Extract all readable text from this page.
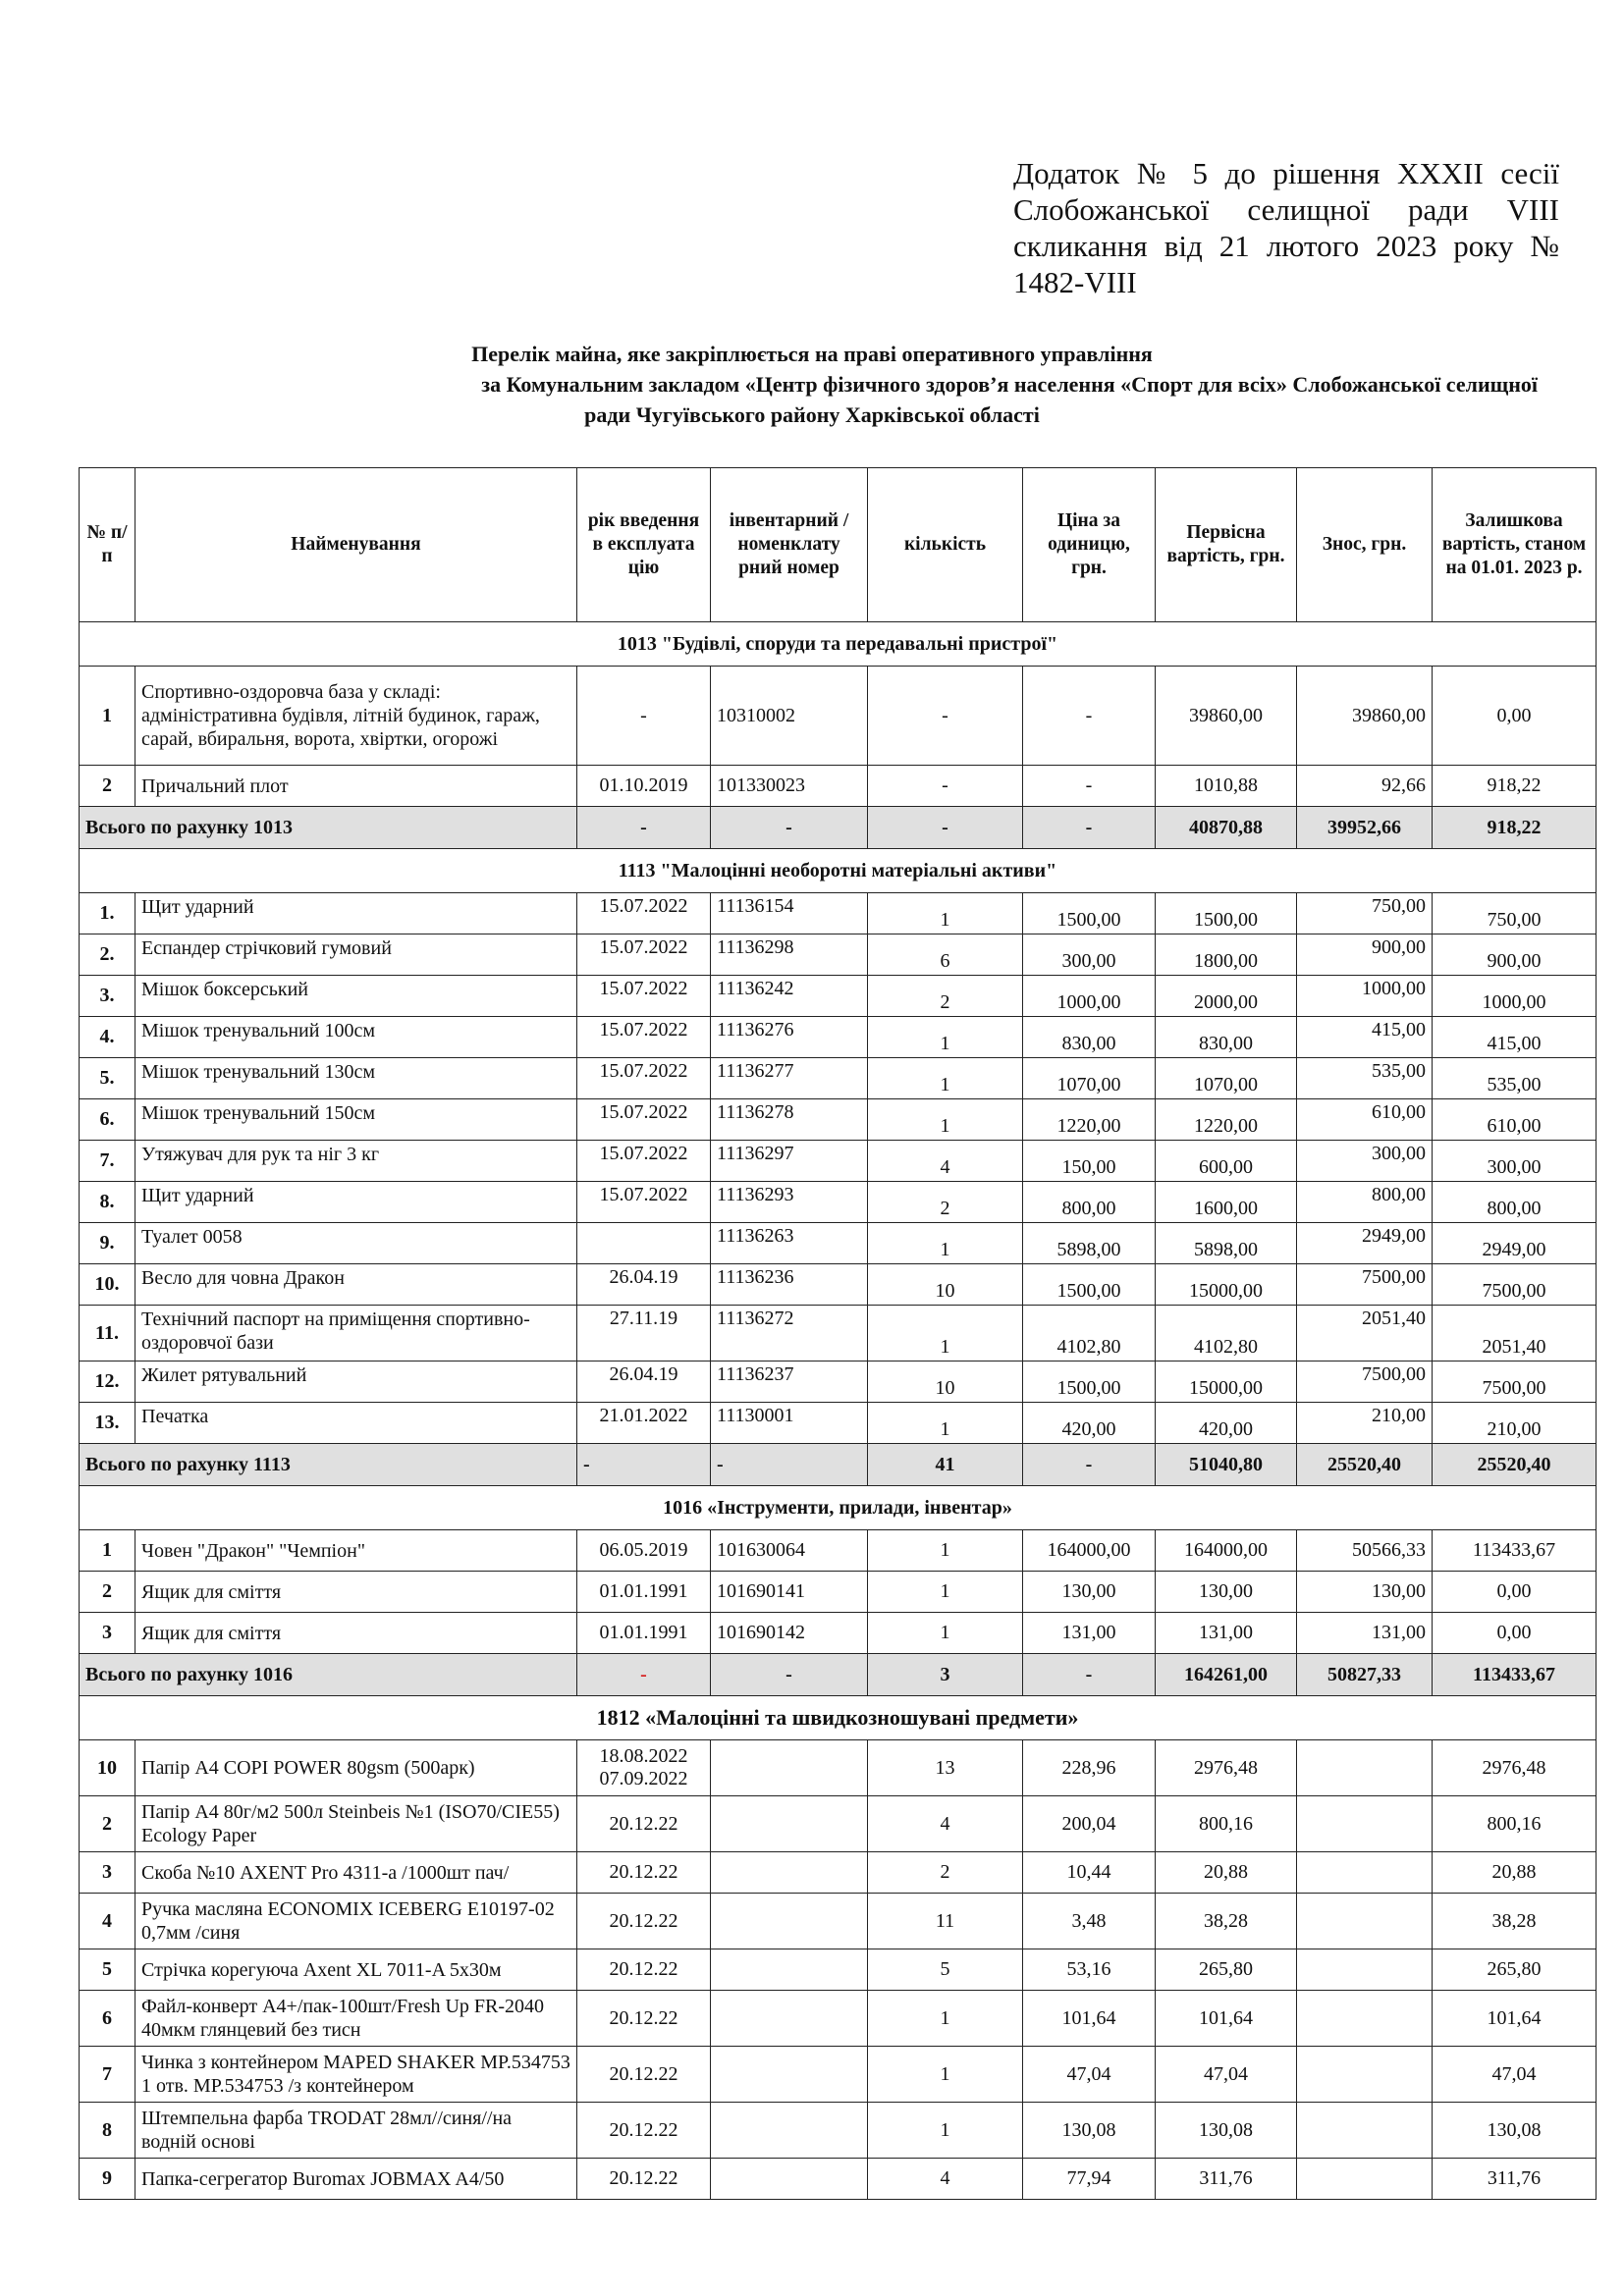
Додаток № 5 до рішення XXXII сесії Слобожанської селищної ради VIII скликання від 21 лютого 2023 року № 1482-VIII
Перелік майна, яке закріплюється на праві оперативного управління
за Комунальним закладом «Центр фізичного здоров’я населення «Спорт для всіх» Слобожанської селищної
ради Чугуївського району Харківської області
№ п/ п	Найменування	рік введення в експлуата цію	інвентарний / номенклату рний номер	кількість	Ціна за одиницю, грн.	Первісна вартість, грн.	Знос, грн.	Залишкова вартість, станом на 01.01. 2023 р.
1013 "Будівлі, споруди та передавальні пристрої"								
1	Спортивно-оздоровча база у складі: адміністративна будівля, літній будинок, гараж, сарай, вбиральня, ворота, хвіртки, огорожі	-	10310002	-	-	39860,00	39860,00	0,00
2	Причальний плот	01.10.2019	101330023	-	-	1010,88	92,66	918,22
Всього по рахунку 1013		-	-	-	-	40870,88	39952,66	918,22
1113 "Малоцінні необоротні матеріальні активи"								
1.	Щит ударний	15.07.2022	11136154	1	1500,00	1500,00	750,00	750,00
2.	Еспандер стрічковий гумовий	15.07.2022	11136298	6	300,00	1800,00	900,00	900,00
3.	Мішок боксерський	15.07.2022	11136242	2	1000,00	2000,00	1000,00	1000,00
4.	Мішок тренувальний 100см	15.07.2022	11136276	1	830,00	830,00	415,00	415,00
5.	Мішок тренувальний 130см	15.07.2022	11136277	1	1070,00	1070,00	535,00	535,00
6.	Мішок тренувальний 150см	15.07.2022	11136278	1	1220,00	1220,00	610,00	610,00
7.	Утяжувач для рук та ніг 3 кг	15.07.2022	11136297	4	150,00	600,00	300,00	300,00
8.	Щит ударний	15.07.2022	11136293	2	800,00	1600,00	800,00	800,00
9.	Туалет 0058		11136263	1	5898,00	5898,00	2949,00	2949,00
10.	Весло для човна Дракон	26.04.19	11136236	10	1500,00	15000,00	7500,00	7500,00
11.	Технічний паспорт на приміщення спортивно-оздоровчої бази	27.11.19	11136272	1	4102,80	4102,80	2051,40	2051,40
12.	Жилет рятувальний	26.04.19	11136237	10	1500,00	15000,00	7500,00	7500,00
13.	Печатка	21.01.2022	11130001	1	420,00	420,00	210,00	210,00
Всього по рахунку 1113		-	-	41	-	51040,80	25520,40	25520,40
1016 «Інструменти, прилади, інвентар»								
1	Човен "Дракон" "Чемпіон"	06.05.2019	101630064	1	164000,00	164000,00	50566,33	113433,67
2	Ящик для сміття	01.01.1991	101690141	1	130,00	130,00	130,00	0,00
3	Ящик для сміття	01.01.1991	101690142	1	131,00	131,00	131,00	0,00
Всього по рахунку 1016		-	-	3	-	164261,00	50827,33	113433,67
1812 «Малоцінні та швидкозношувані предмети»								
10	Папір А4 COPI POWER 80gsm (500арк)	18.08.2022
07.09.2022		13	228,96	2976,48		2976,48
2	Папір А4 80г/м2 500л Steinbeis №1 (ISO70/CIE55) Ecology Paper	20.12.22		4	200,04	800,16		800,16
3	Скоба №10 AXENT Pro 4311-а /1000шт пач/	20.12.22		2	10,44	20,88		20,88
4	Ручка масляна ECONOMIX ICEBERG E10197-02 0,7мм /синя	20.12.22		11	3,48	38,28		38,28
5	Стрічка корегуюча Axent XL 7011-A 5х30м	20.12.22		5	53,16	265,80		265,80
6	Файл-конверт А4+/пак-100шт/Fresh Up FR-2040 40мкм глянцевий без тисн	20.12.22		1	101,64	101,64		101,64
7	Чинка з контейнером MAPED SHAKER MP.534753 1 отв. MP.534753 /з контейнером	20.12.22		1	47,04	47,04		47,04
8	Штемпельна фарба TRODAT 28мл//синя//на водній основі	20.12.22		1	130,08	130,08		130,08
9	Папка-сегрегатор Buromax JOBMAX A4/50	20.12.22		4	77,94	311,76		311,76
